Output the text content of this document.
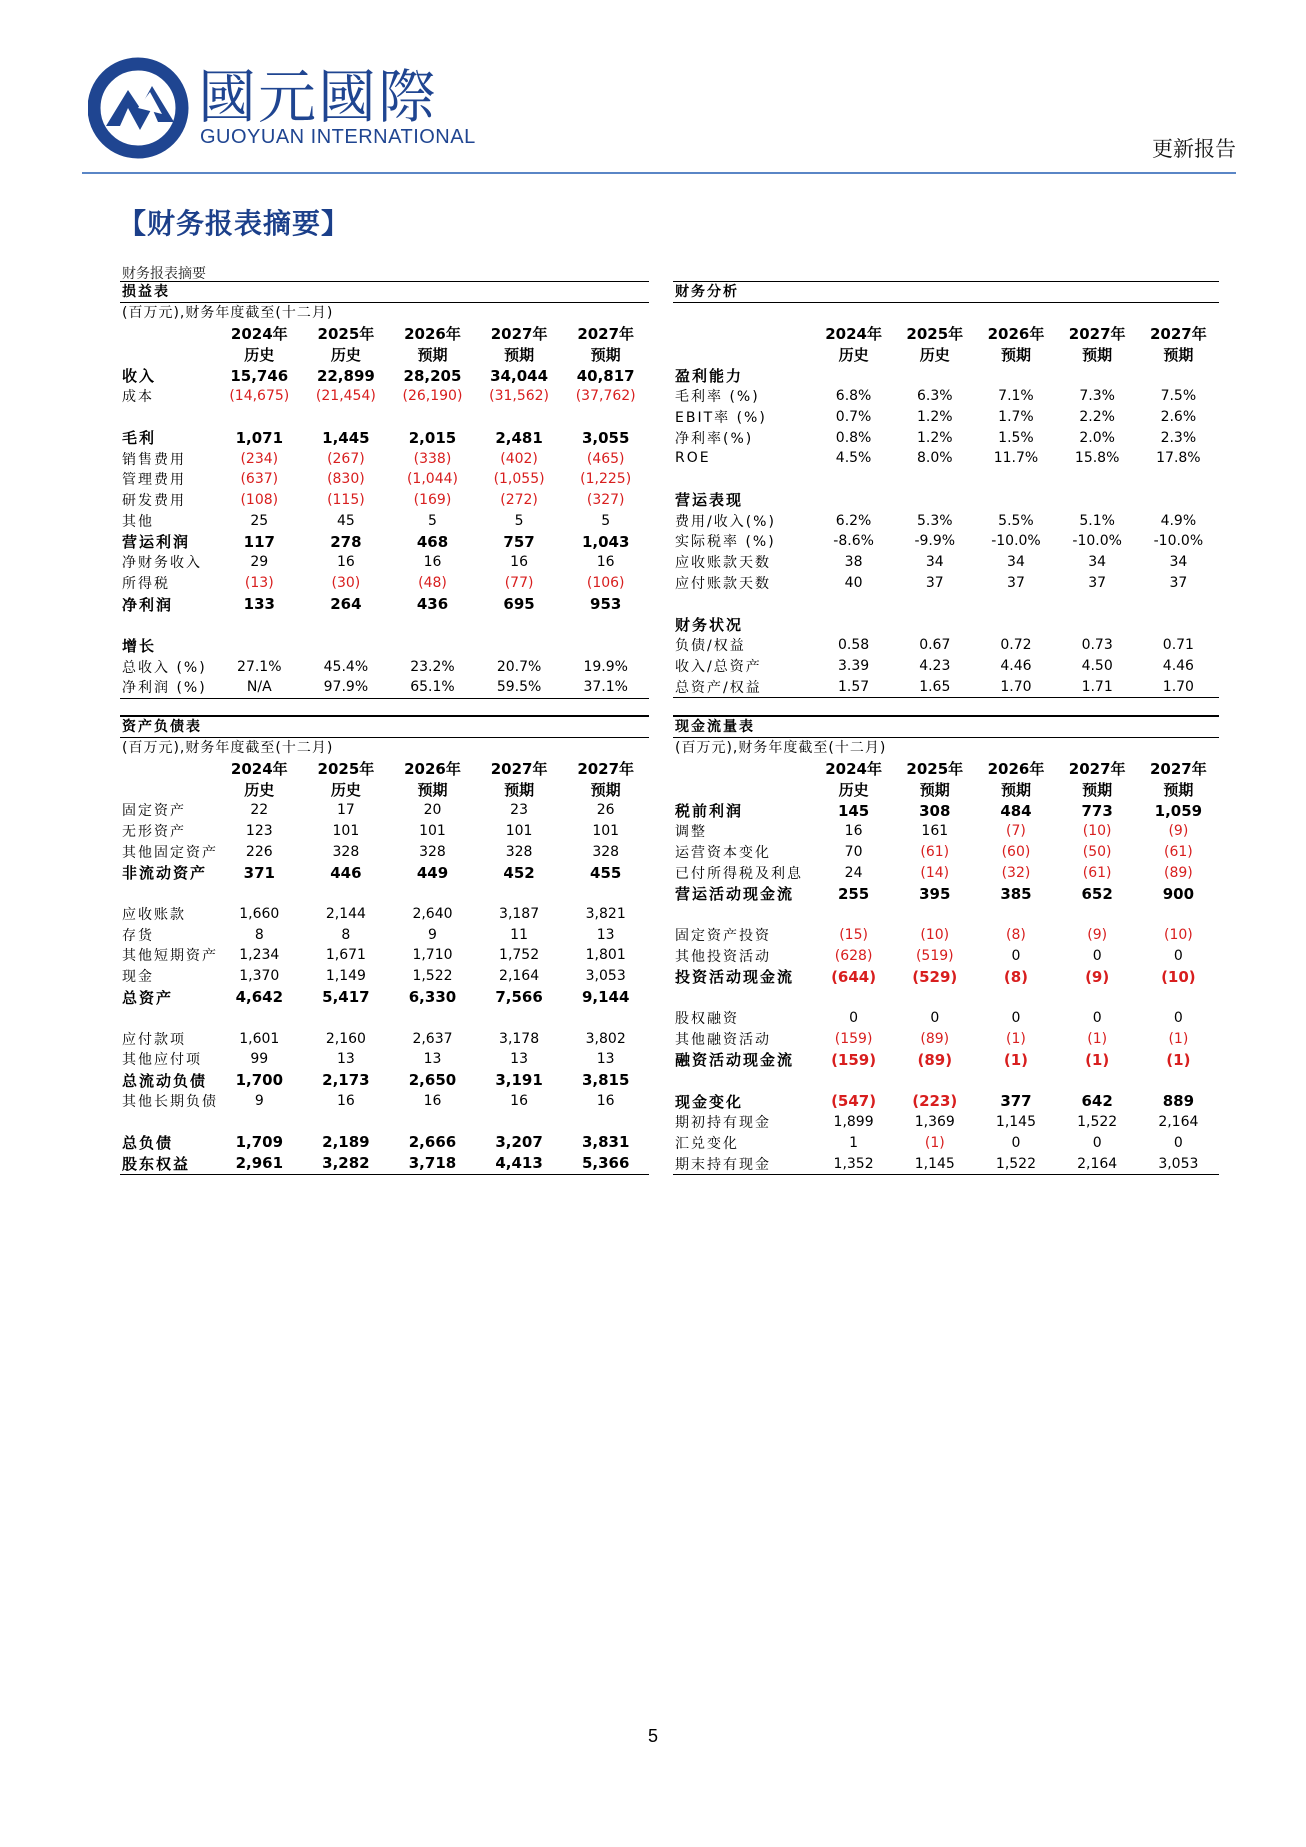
國元國際
GUOYUAN INTERNATIONAL	更新报告
【财务报表摘要】
财务报表摘要
损益表
(百万元),财务年度截至(十二月)
	2024年	2025年	2026年	2027年	2027年
	历史	历史	预期	预期	预期
收入	15,746	22,899	28,205	34,044	40,817
成本	(14,675)	(21,454)	(26,190)	(31,562)	(37,762)

毛利	1,071	1,445	2,015	2,481	3,055
销售费用	(234)	(267)	(338)	(402)	(465)
管理费用	(637)	(830)	(1,044)	(1,055)	(1,225)
研发费用	(108)	(115)	(169)	(272)	(327)
其他	25	45	5	5	5
营运利润	117	278	468	757	1,043
净财务收入	29	16	16	16	16
所得税	(13)	(30)	(48)	(77)	(106)
净利润	133	264	436	695	953

增长					
总收入 (%)	27.1%	45.4%	23.2%	20.7%	19.9%
净利润 (%)	N/A	97.9%	65.1%	59.5%	37.1%
财务分析
	2024年	2025年	2026年	2027年	2027年
	历史	历史	预期	预期	预期
盈利能力					
毛利率 (%)	6.8%	6.3%	7.1%	7.3%	7.5%
EBIT率 (%)	0.7%	1.2%	1.7%	2.2%	2.6%
净利率(%)	0.8%	1.2%	1.5%	2.0%	2.3%
ROE	4.5%	8.0%	11.7%	15.8%	17.8%

营运表现					
费用/收入(%)	6.2%	5.3%	5.5%	5.1%	4.9%
实际税率 (%)	-8.6%	-9.9%	-10.0%	-10.0%	-10.0%
应收账款天数	38	34	34	34	34
应付账款天数	40	37	37	37	37

财务状况					
负债/权益	0.58	0.67	0.72	0.73	0.71
收入/总资产	3.39	4.23	4.46	4.50	4.46
总资产/权益	1.57	1.65	1.70	1.71	1.70
资产负债表
(百万元),财务年度截至(十二月)
	2024年	2025年	2026年	2027年	2027年
	历史	历史	预期	预期	预期
固定资产	22	17	20	23	26
无形资产	123	101	101	101	101
其他固定资产	226	328	328	328	328
非流动资产	371	446	449	452	455

应收账款	1,660	2,144	2,640	3,187	3,821
存货	8	8	9	11	13
其他短期资产	1,234	1,671	1,710	1,752	1,801
现金	1,370	1,149	1,522	2,164	3,053
总资产	4,642	5,417	6,330	7,566	9,144

应付款项	1,601	2,160	2,637	3,178	3,802
其他应付项	99	13	13	13	13
总流动负债	1,700	2,173	2,650	3,191	3,815
其他长期负债	9	16	16	16	16

总负债	1,709	2,189	2,666	3,207	3,831
股东权益	2,961	3,282	3,718	4,413	5,366
现金流量表
(百万元),财务年度截至(十二月)
	2024年	2025年	2026年	2027年	2027年
	历史	预期	预期	预期	预期
税前利润	145	308	484	773	1,059
调整	16	161	(7)	(10)	(9)
运营资本变化	70	(61)	(60)	(50)	(61)
已付所得税及利息	24	(14)	(32)	(61)	(89)
营运活动现金流	255	395	385	652	900

固定资产投资	(15)	(10)	(8)	(9)	(10)
其他投资活动	(628)	(519)	0	0	0
投资活动现金流	(644)	(529)	(8)	(9)	(10)

股权融资	0	0	0	0	0
其他融资活动	(159)	(89)	(1)	(1)	(1)
融资活动现金流	(159)	(89)	(1)	(1)	(1)

现金变化	(547)	(223)	377	642	889
期初持有现金	1,899	1,369	1,145	1,522	2,164
汇兑变化	1	(1)	0	0	0
期末持有现金	1,352	1,145	1,522	2,164	3,053
5
